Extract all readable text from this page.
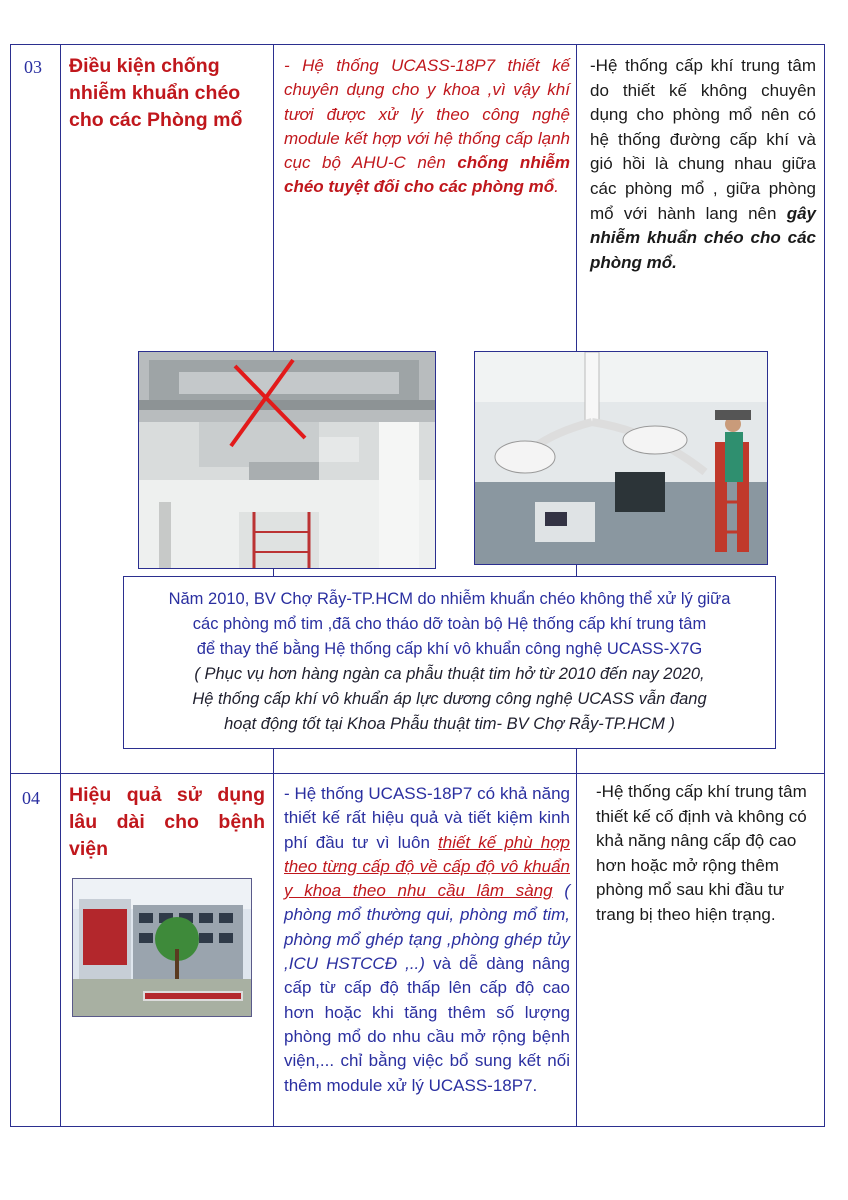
03 Điều kiện chống nhiễm khuẩn chéo cho các Phòng mổ
- Hệ thống UCASS-18P7 thiết kế chuyên dụng cho y khoa ,vì vậy khí tươi được xử lý theo công nghệ module kết hợp với hệ thống cấp lạnh cục bộ AHU-C nên chống nhiễm chéo tuyệt đối cho các phòng mổ.
-Hệ thống cấp khí trung tâm do thiết kế không chuyên dụng cho phòng mổ nên có hệ thống đường cấp khí và gió hồi là chung nhau giữa các phòng mổ , giữa phòng mổ với hành lang nên gây nhiễm khuẩn chéo cho các phòng mổ.
Năm 2010, BV Chợ Rẫy-TP.HCM do nhiễm khuẩn chéo không thể xử lý giữa
các phòng mổ tim ,đã cho tháo dỡ toàn bộ Hệ thống cấp khí trung tâm
để thay thế bằng Hệ thống cấp khí vô khuẩn công nghệ UCASS-X7G
( Phục vụ hơn hàng ngàn ca phẫu thuật tim hở từ 2010 đến nay 2020,
Hệ thống cấp khí vô khuẩn áp lực dương công nghệ UCASS vẫn đang
hoạt động tốt tại Khoa Phẫu thuật tim- BV Chợ Rẫy-TP.HCM )
04 Hiệu quả sử dụng lâu dài cho bệnh viện
- Hệ thống UCASS-18P7 có khả năng thiết kế rất hiệu quả và tiết kiệm kinh phí đầu tư vì luôn thiết kế phù hợp theo từng cấp độ về cấp độ vô khuẩn y khoa theo nhu cầu lâm sàng ( phòng mổ thường qui, phòng mổ tim, phòng mổ ghép tạng ,phòng ghép tủy ,ICU HSTCCĐ ,..) và dễ dàng nâng cấp từ cấp độ thấp lên cấp độ cao hơn hoặc khi tăng thêm số lượng phòng mổ do nhu cầu mở rộng bệnh viện,... chỉ bằng việc bổ sung kết nối thêm module xử lý UCASS-18P7.
-Hệ thống cấp khí trung tâm thiết kế cố định và không có khả năng nâng cấp độ cao hơn hoặc mở rộng thêm phòng mổ sau khi đầu tư trang bị theo hiện trạng.
